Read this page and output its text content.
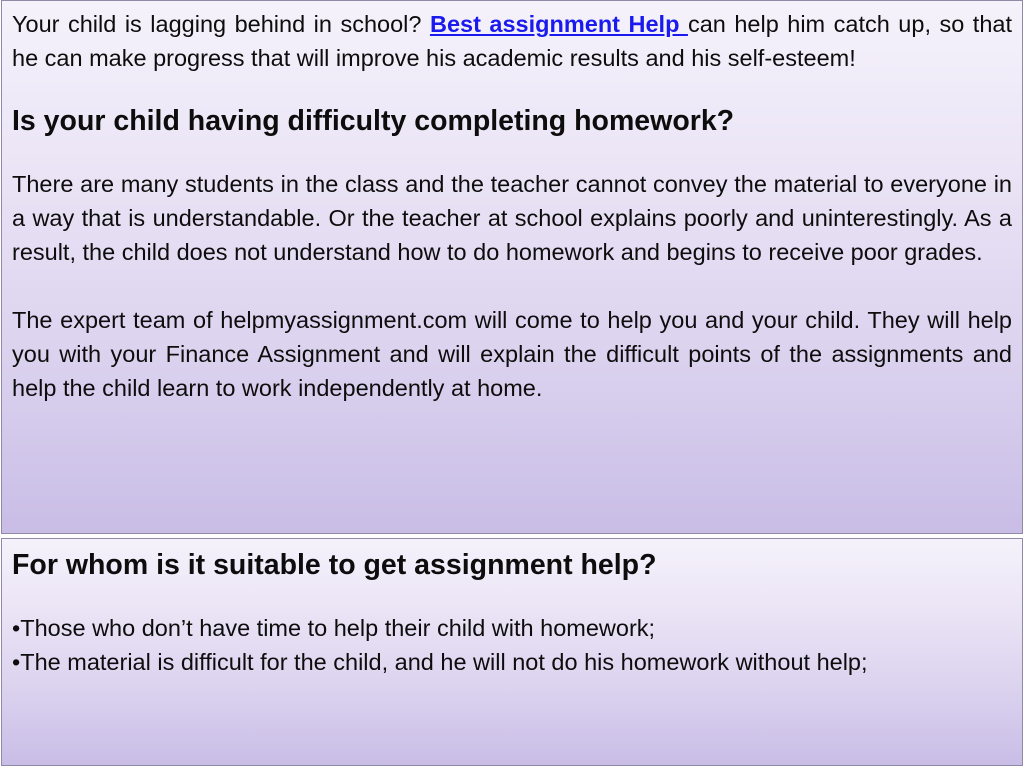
Your child is lagging behind in school? Best assignment Help can help him catch up, so that he can make progress that will improve his academic results and his self-esteem!

Is your child having difficulty completing homework?

There are many students in the class and the teacher cannot convey the material to everyone in a way that is understandable. Or the teacher at school explains poorly and uninterestingly. As a result, the child does not understand how to do homework and begins to receive poor grades.

The expert team of helpmyassignment.com will come to help you and your child. They will help you with your Finance Assignment and will explain the difficult points of the assignments and help the child learn to work independently at home.

For whom is it suitable to get assignment help?
•Those who don’t have time to help their child with homework;
•The material is difficult for the child, and he will not do his homework without help;
